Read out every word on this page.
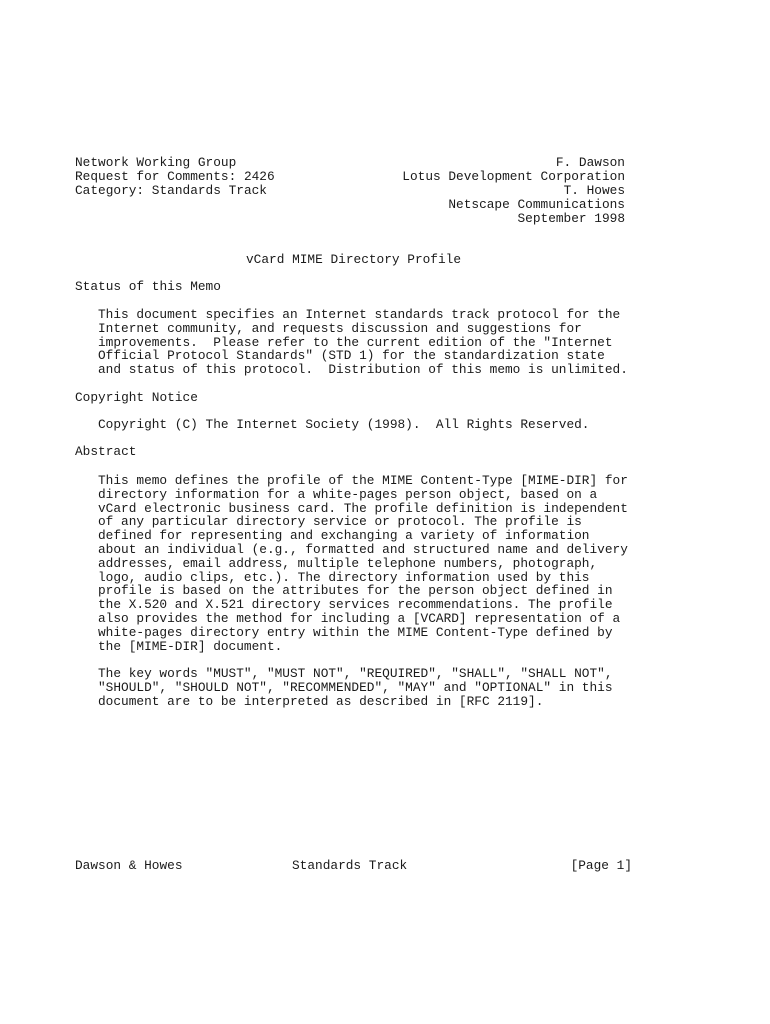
Network Working Group
Request for Comments: 2426
Category: Standards Track
F. Dawson
Lotus Development Corporation
T. Howes
Netscape Communications
September 1998
vCard MIME Directory Profile
Status of this Memo
This document specifies an Internet standards track protocol for the
Internet community, and requests discussion and suggestions for
improvements.  Please refer to the current edition of the "Internet
Official Protocol Standards" (STD 1) for the standardization state
and status of this protocol.  Distribution of this memo is unlimited.
Copyright Notice
Copyright (C) The Internet Society (1998).  All Rights Reserved.
Abstract
This memo defines the profile of the MIME Content-Type [MIME-DIR] for
directory information for a white-pages person object, based on a
vCard electronic business card. The profile definition is independent
of any particular directory service or protocol. The profile is
defined for representing and exchanging a variety of information
about an individual (e.g., formatted and structured name and delivery
addresses, email address, multiple telephone numbers, photograph,
logo, audio clips, etc.). The directory information used by this
profile is based on the attributes for the person object defined in
the X.520 and X.521 directory services recommendations. The profile
also provides the method for including a [VCARD] representation of a
white-pages directory entry within the MIME Content-Type defined by
the [MIME-DIR] document.
The key words "MUST", "MUST NOT", "REQUIRED", "SHALL", "SHALL NOT",
"SHOULD", "SHOULD NOT", "RECOMMENDED", "MAY" and "OPTIONAL" in this
document are to be interpreted as described in [RFC 2119].
Dawson & Howes	Standards Track	[Page 1]
